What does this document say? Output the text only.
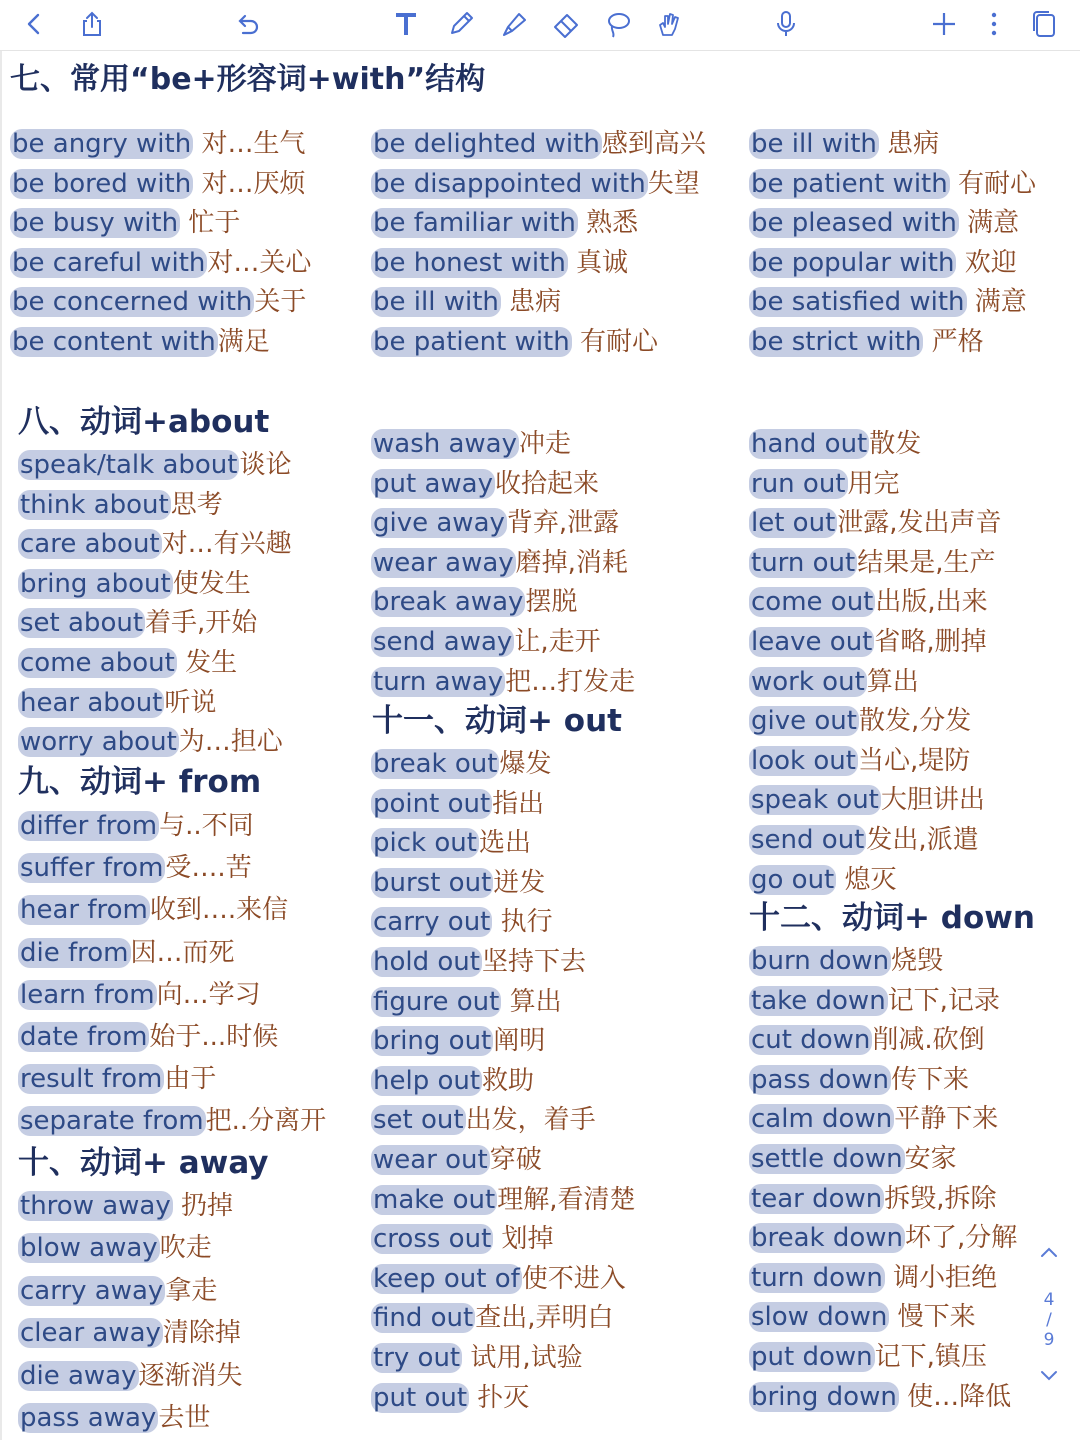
七、常用“be+形容词+with”结构
be angry with 对…生气
be bored with 对…厌烦
be busy with 忙于
be careful with对…关心
be concerned with关于
be content with满足
be delighted with感到高兴
be disappointed with失望
be familiar with 熟悉
be honest with 真诚
be ill with 患病
be patient with 有耐心
be ill with 患病
be patient with 有耐心
be pleased with 满意
be popular with 欢迎
be satisfied with 满意
be strict with 严格
八、动词+about
speak/talk about谈论
think about思考
care about对…有兴趣
bring about使发生
set about着手,开始
come about 发生
hear about听说
worry about为…担心
九、动词+ from
differ from与..不同
suffer from受….苦
hear from收到….来信
die from因…而死
learn from向…学习
date from始于...时候
result from由于
separate from把..分离开
十、动词+ away
throw away 扔掉
blow away吹走
carry away拿走
clear away清除掉
die away逐渐消失
pass away去世
wash away冲走
put away收拾起来
give away背弃,泄露
wear away磨掉,消耗
break away摆脱
send away让,走开
turn away把…打发走
十一、动词+ out
break out爆发
point out指出
pick out选出
burst out迸发
carry out 执行
hold out坚持下去
figure out 算出
bring out阐明
help out救助
set out出发，着手
wear out穿破
make out理解,看清楚
cross out 划掉
keep out of使不进入
find out查出,弄明白
try out 试用,试验
put out 扑灭
hand out散发
run out用完
let out泄露,发出声音
turn out结果是,生产
come out出版,出来
leave out省略,删掉
work out算出
give out散发,分发
look out当心,堤防
speak out大胆讲出
send out发出,派遣
go out 熄灭
十二、动词+ down
burn down烧毁
take down记下,记录
cut down削减.砍倒
pass down传下来
calm down平静下来
settle down安家
tear down拆毁,拆除
break down坏了,分解
turn down 调小拒绝
slow down 慢下来
put down记下,镇压
bring down 使…降低
4
/
9
